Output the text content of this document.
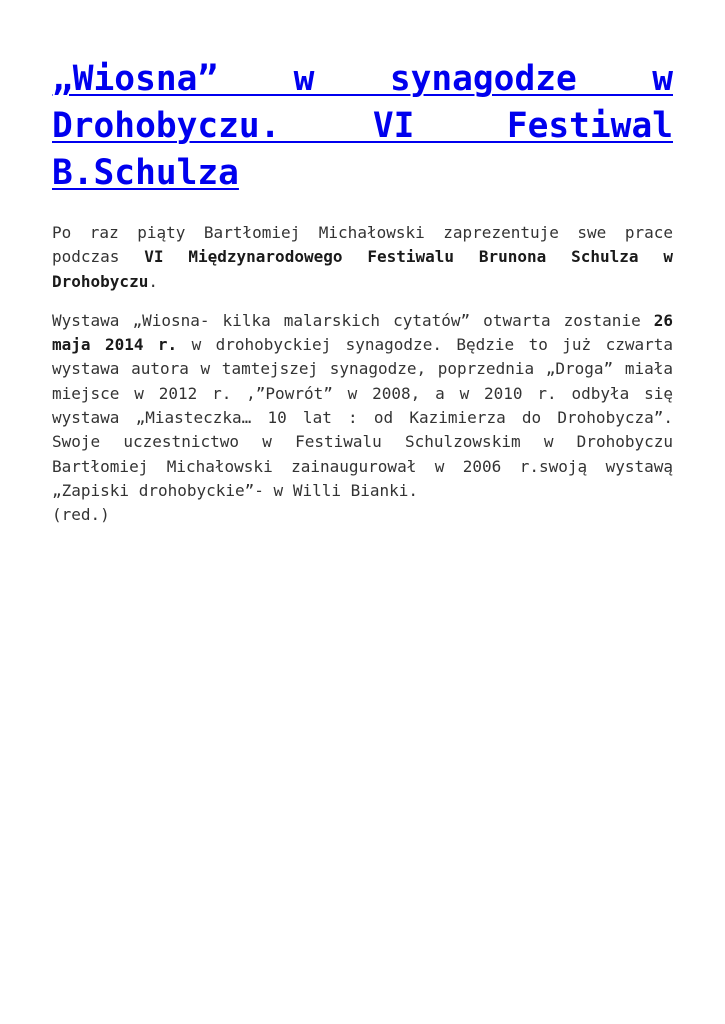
„Wiosna” w synagodze w Drohobyczu. VI Festiwal B.Schulza

Po raz piąty Bartłomiej Michałowski zaprezentuje swe prace podczas VI Międzynarodowego Festiwalu Brunona Schulza w Drohobyczu.

Wystawa „Wiosna- kilka malarskich cytatów” otwarta zostanie 26 maja 2014 r. w drohobyckiej synagodze. Będzie to już czwarta wystawa autora w tamtejszej synagodze, poprzednia „Droga” miała miejsce w 2012 r. ,”Powrót” w 2008, a w 2010 r. odbyła się wystawa „Miasteczka… 10 lat : od Kazimierza do Drohobycza”. Swoje uczestnictwo w Festiwalu Schulzowskim w Drohobyczu Bartłomiej Michałowski zainaugurował w 2006 r.swoją wystawą „Zapiski drohobyckie”- w Willi Bianki.
(red.)
